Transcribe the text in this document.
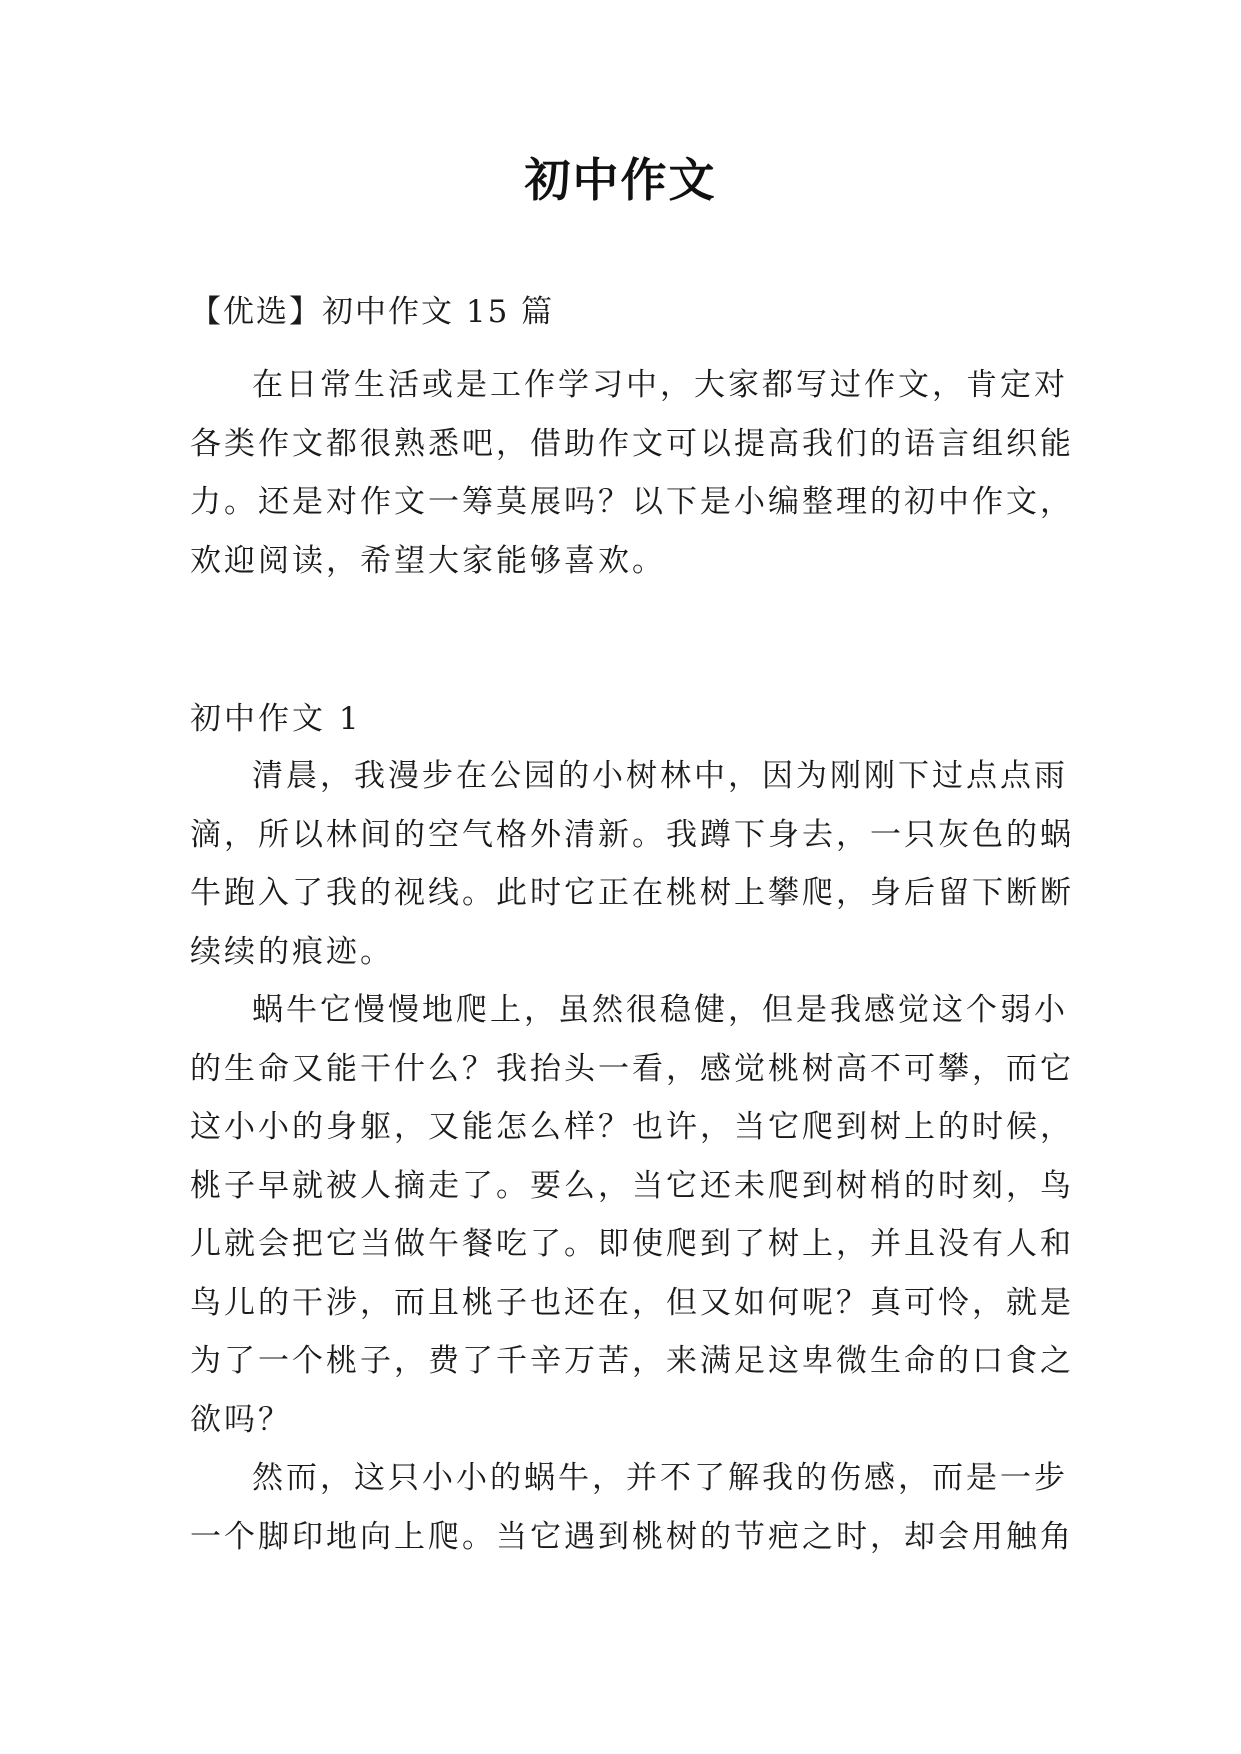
初中作文
【优选】初中作文 15 篇
在日常生活或是工作学习中，大家都写过作文，肯定对
各类作文都很熟悉吧，借助作文可以提高我们的语言组织能
力。还是对作文一筹莫展吗？以下是小编整理的初中作文，
欢迎阅读，希望大家能够喜欢。
初中作文 1
清晨，我漫步在公园的小树林中，因为刚刚下过点点雨
滴，所以林间的空气格外清新。我蹲下身去，一只灰色的蜗
牛跑入了我的视线。此时它正在桃树上攀爬，身后留下断断
续续的痕迹。
蜗牛它慢慢地爬上，虽然很稳健，但是我感觉这个弱小
的生命又能干什么？我抬头一看，感觉桃树高不可攀，而它
这小小的身躯，又能怎么样？也许，当它爬到树上的时候，
桃子早就被人摘走了。要么，当它还未爬到树梢的时刻，鸟
儿就会把它当做午餐吃了。即使爬到了树上，并且没有人和
鸟儿的干涉，而且桃子也还在，但又如何呢？真可怜，就是
为了一个桃子，费了千辛万苦，来满足这卑微生命的口食之
欲吗？
然而，这只小小的蜗牛，并不了解我的伤感，而是一步
一个脚印地向上爬。当它遇到桃树的节疤之时，却会用触角
